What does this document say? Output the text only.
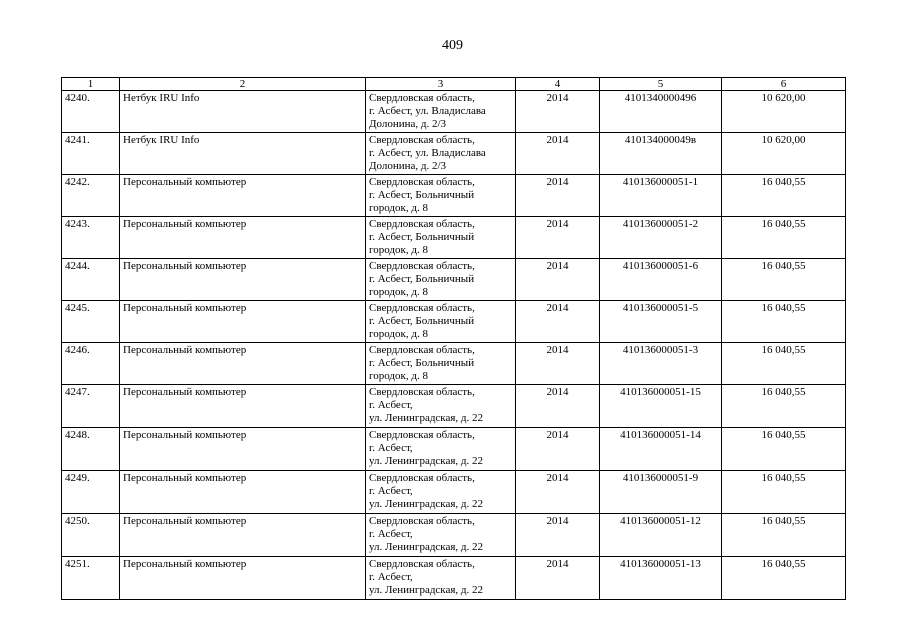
409
1	2	3	4	5	6
4240.	Нетбук IRU Info	Свердловская область,
г. Асбест, ул. Владислава
Долонина, д. 2/3	2014	4101340000496	10 620,00
4241.	Нетбук IRU Info	Свердловская область,
г. Асбест, ул. Владислава
Долонина, д. 2/3	2014	410134000049в	10 620,00
4242.	Персональный компьютер	Свердловская область,
г. Асбест, Больничный
городок, д. 8	2014	410136000051-1	16 040,55
4243.	Персональный компьютер	Свердловская область,
г. Асбест, Больничный
городок, д. 8	2014	410136000051-2	16 040,55
4244.	Персональный компьютер	Свердловская область,
г. Асбест, Больничный
городок, д. 8	2014	410136000051-6	16 040,55
4245.	Персональный компьютер	Свердловская область,
г. Асбест, Больничный
городок, д. 8	2014	410136000051-5	16 040,55
4246.	Персональный компьютер	Свердловская область,
г. Асбест, Больничный
городок, д. 8	2014	410136000051-3	16 040,55
4247.	Персональный компьютер	Свердловская область,
г. Асбест,
ул. Ленинградская, д. 22	2014	410136000051-15	16 040,55
4248.	Персональный компьютер	Свердловская область,
г. Асбест,
ул. Ленинградская, д. 22	2014	410136000051-14	16 040,55
4249.	Персональный компьютер	Свердловская область,
г. Асбест,
ул. Ленинградская, д. 22	2014	410136000051-9	16 040,55
4250.	Персональный компьютер	Свердловская область,
г. Асбест,
ул. Ленинградская, д. 22	2014	410136000051-12	16 040,55
4251.	Персональный компьютер	Свердловская область,
г. Асбест,
ул. Ленинградская, д. 22	2014	410136000051-13	16 040,55
